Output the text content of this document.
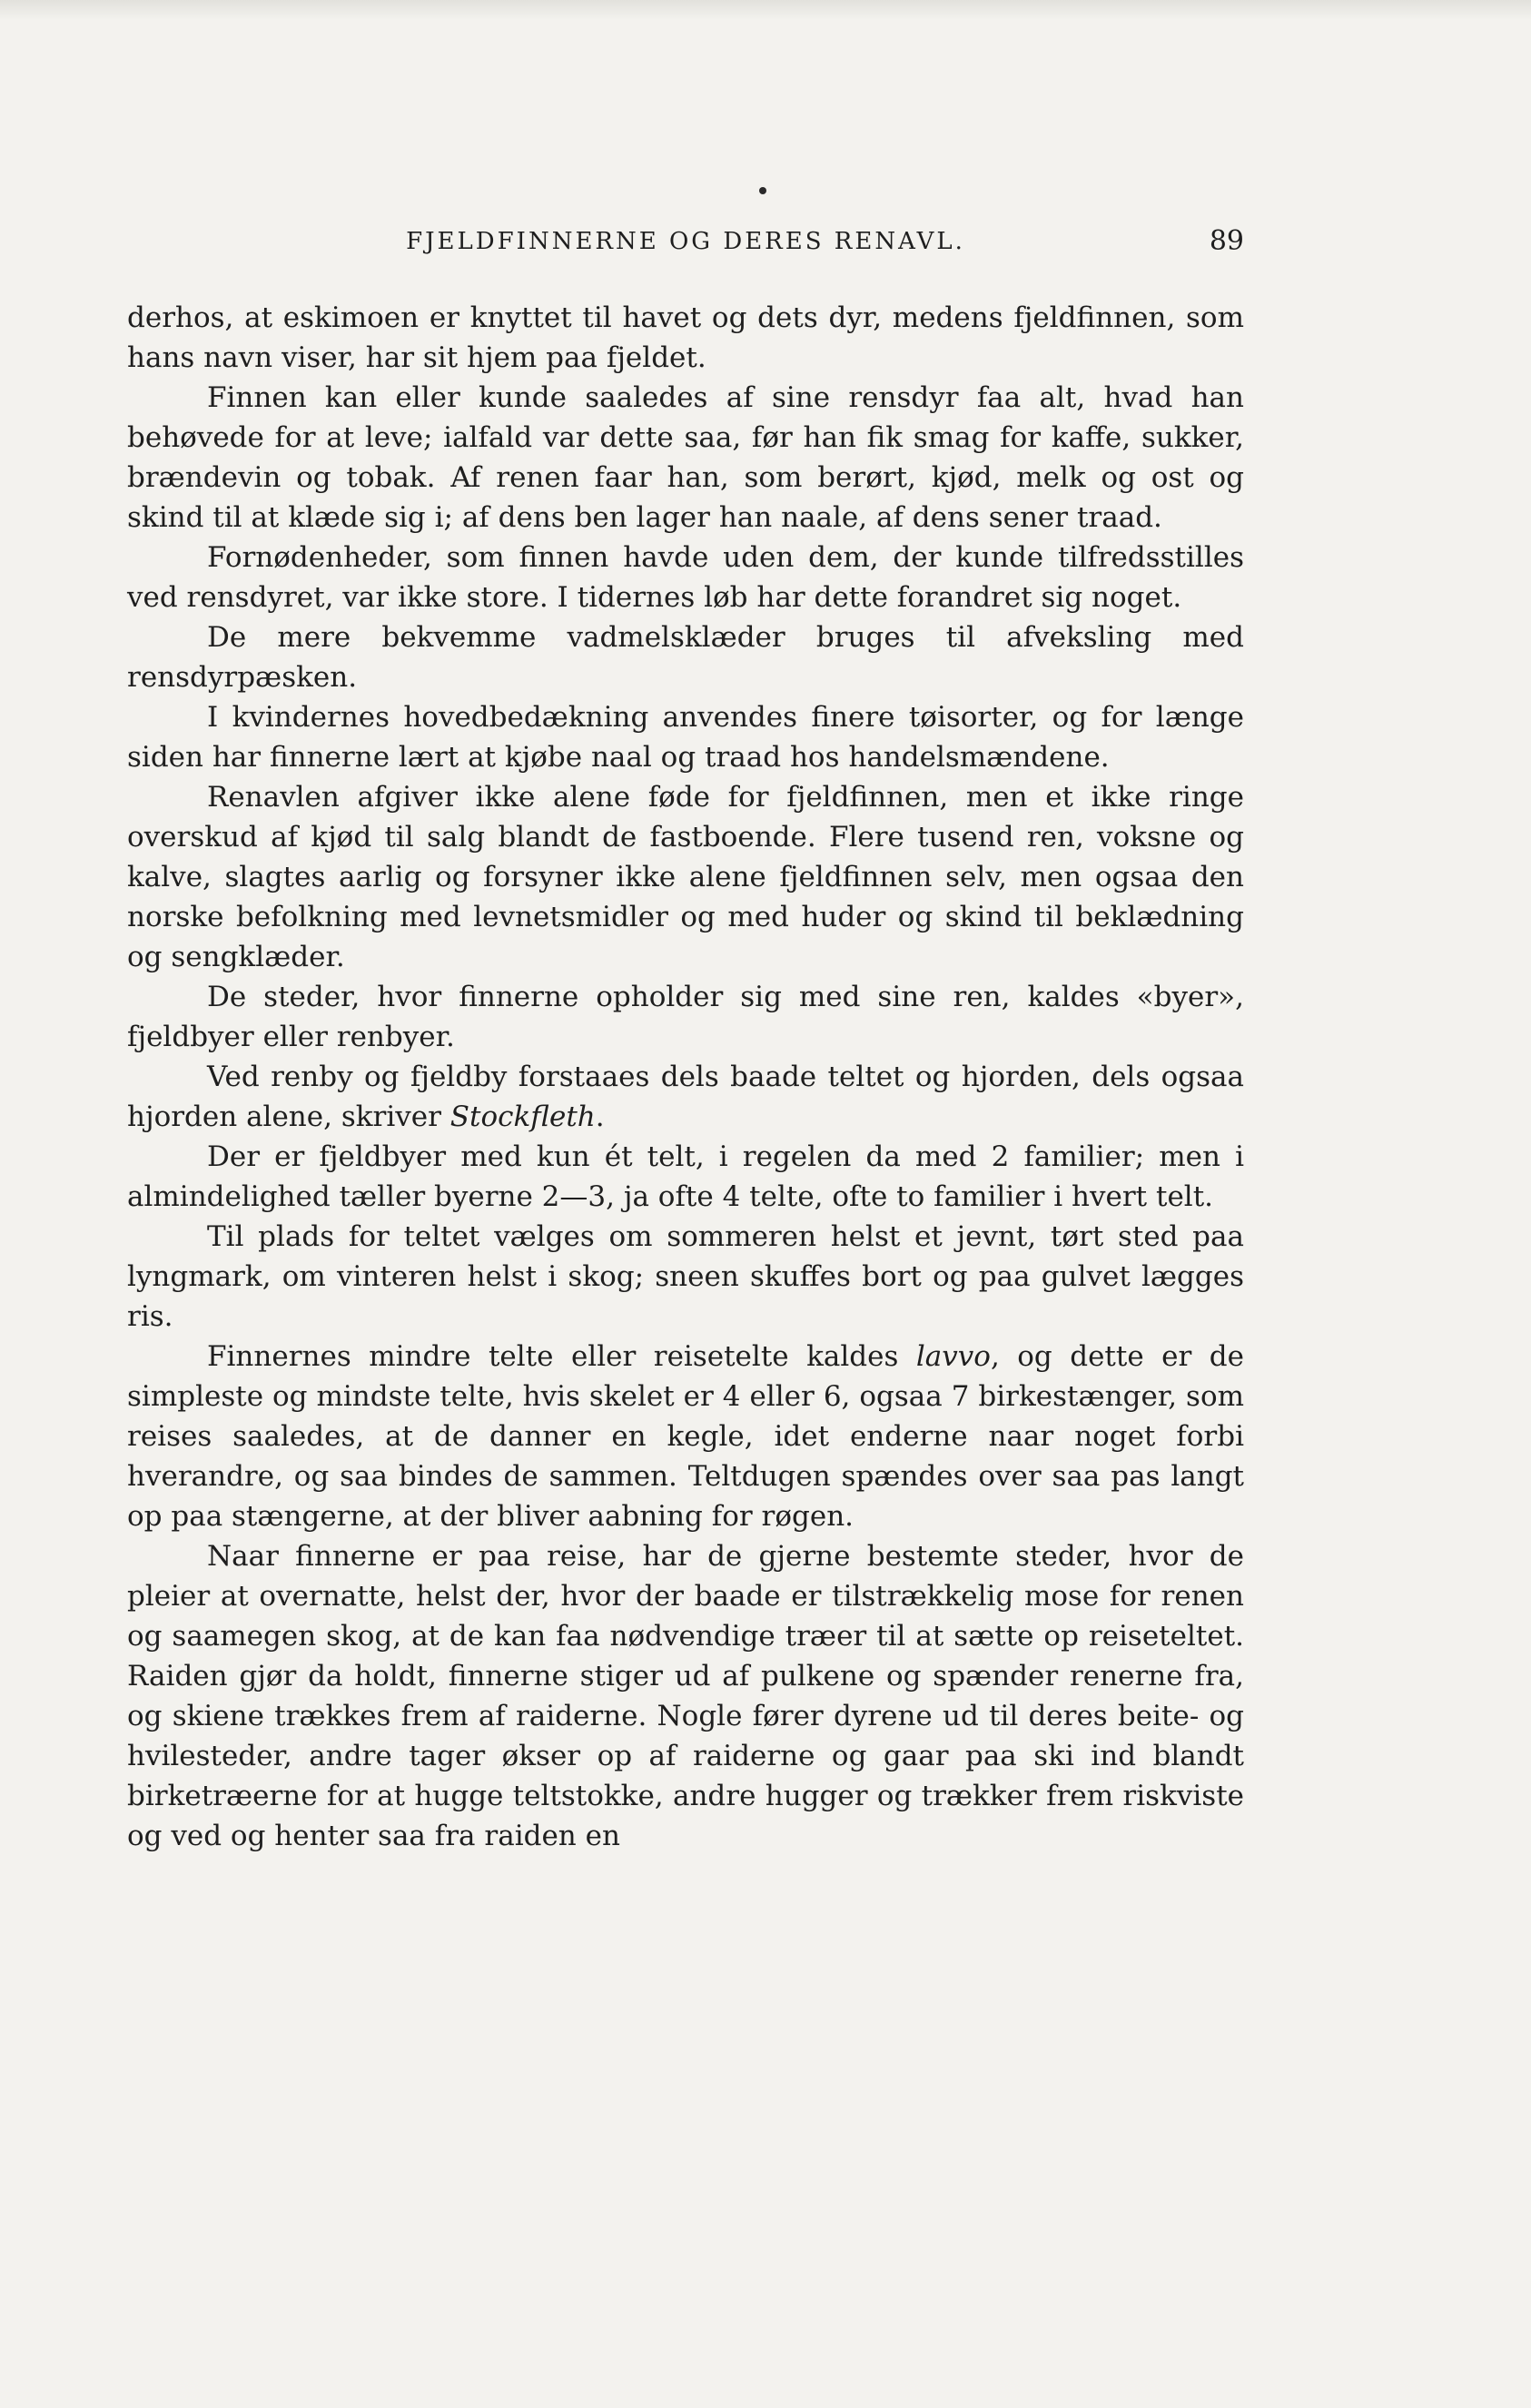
FJELDFINNERNE OG DERES RENAVL.	89

derhos, at eskimoen er knyttet til havet og dets dyr, medens fjeldfinnen, som hans navn viser, har sit hjem paa fjeldet.

Finnen kan eller kunde saaledes af sine rensdyr faa alt, hvad han behøvede for at leve; ialfald var dette saa, før han fik smag for kaffe, sukker, brændevin og tobak. Af renen faar han, som berørt, kjød, melk og ost og skind til at klæde sig i; af dens ben lager han naale, af dens sener traad.

Fornødenheder, som finnen havde uden dem, der kunde tilfredsstilles ved rensdyret, var ikke store. I tidernes løb har dette forandret sig noget.

De mere bekvemme vadmelsklæder bruges til afveksling med rensdyrpæsken.

I kvindernes hovedbedækning anvendes finere tøisorter, og for længe siden har finnerne lært at kjøbe naal og traad hos handelsmændene.

Renavlen afgiver ikke alene føde for fjeldfinnen, men et ikke ringe overskud af kjød til salg blandt de fastboende. Flere tusend ren, voksne og kalve, slagtes aarlig og forsyner ikke alene fjeldfinnen selv, men ogsaa den norske befolkning med levnetsmidler og med huder og skind til beklædning og sengklæder.

De steder, hvor finnerne opholder sig med sine ren, kaldes «byer», fjeldbyer eller renbyer.

Ved renby og fjeldby forstaaes dels baade teltet og hjorden, dels ogsaa hjorden alene, skriver Stockfleth.

Der er fjeldbyer med kun ét telt, i regelen da med 2 familier; men i almindelighed tæller byerne 2—3, ja ofte 4 telte, ofte to familier i hvert telt.

Til plads for teltet vælges om sommeren helst et jevnt, tørt sted paa lyngmark, om vinteren helst i skog; sneen skuffes bort og paa gulvet lægges ris.

Finnernes mindre telte eller reisetelte kaldes lavvo, og dette er de simpleste og mindste telte, hvis skelet er 4 eller 6, ogsaa 7 birkestænger, som reises saaledes, at de danner en kegle, idet enderne naar noget forbi hverandre, og saa bindes de sammen. Teltdugen spændes over saa pas langt op paa stængerne, at der bliver aabning for røgen.

Naar finnerne er paa reise, har de gjerne bestemte steder, hvor de pleier at overnatte, helst der, hvor der baade er tilstrækkelig mose for renen og saamegen skog, at de kan faa nødvendige træer til at sætte op reiseteltet. Raiden gjør da holdt, finnerne stiger ud af pulkene og spænder renerne fra, og skiene trækkes frem af raiderne. Nogle fører dyrene ud til deres beite- og hvilesteder, andre tager økser op af raiderne og gaar paa ski ind blandt birketræerne for at hugge teltstokke, andre hugger og trækker frem riskviste og ved og henter saa fra raiden en
